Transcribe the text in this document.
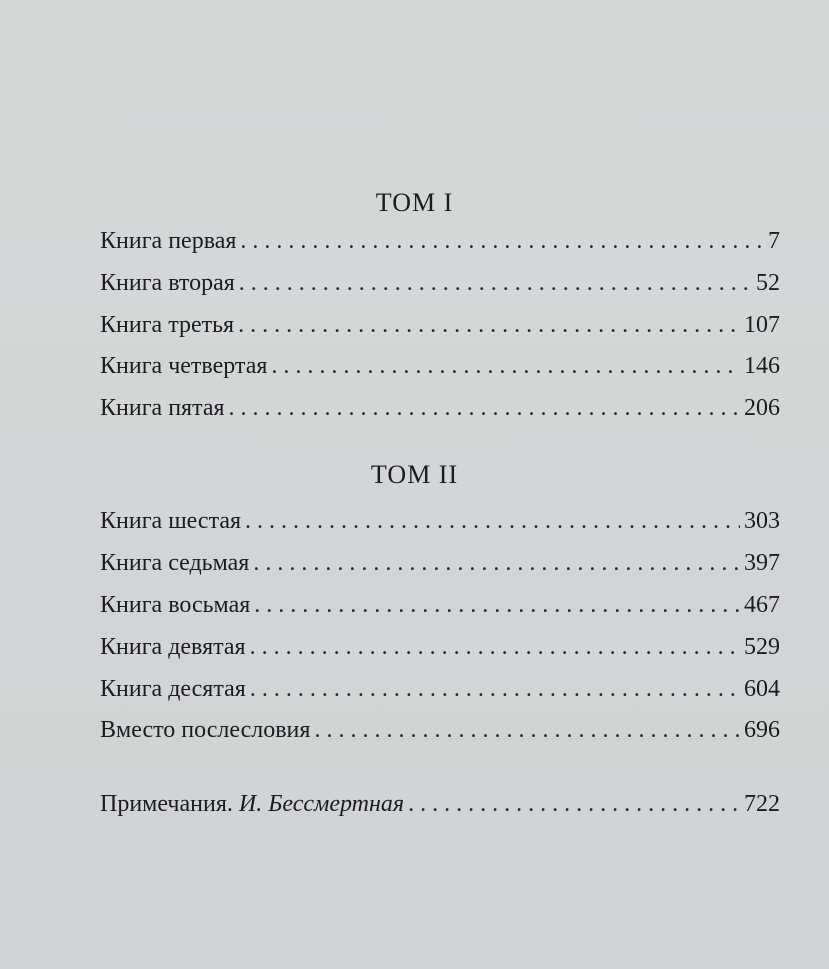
ТОМ I
Книга первая . . .	7
Книга вторая . . .	52
Книга третья . . .	107
Книга четвертая . . .	146
Книга пятая . . .	206
ТОМ II
Книга шестая . . .	303
Книга седьмая . . .	397
Книга восьмая . . .	467
Книга девятая . . .	529
Книга десятая . . .	604
Вместо послесловия . . .	696
Примечания. И. Бессмертная . . .	722
